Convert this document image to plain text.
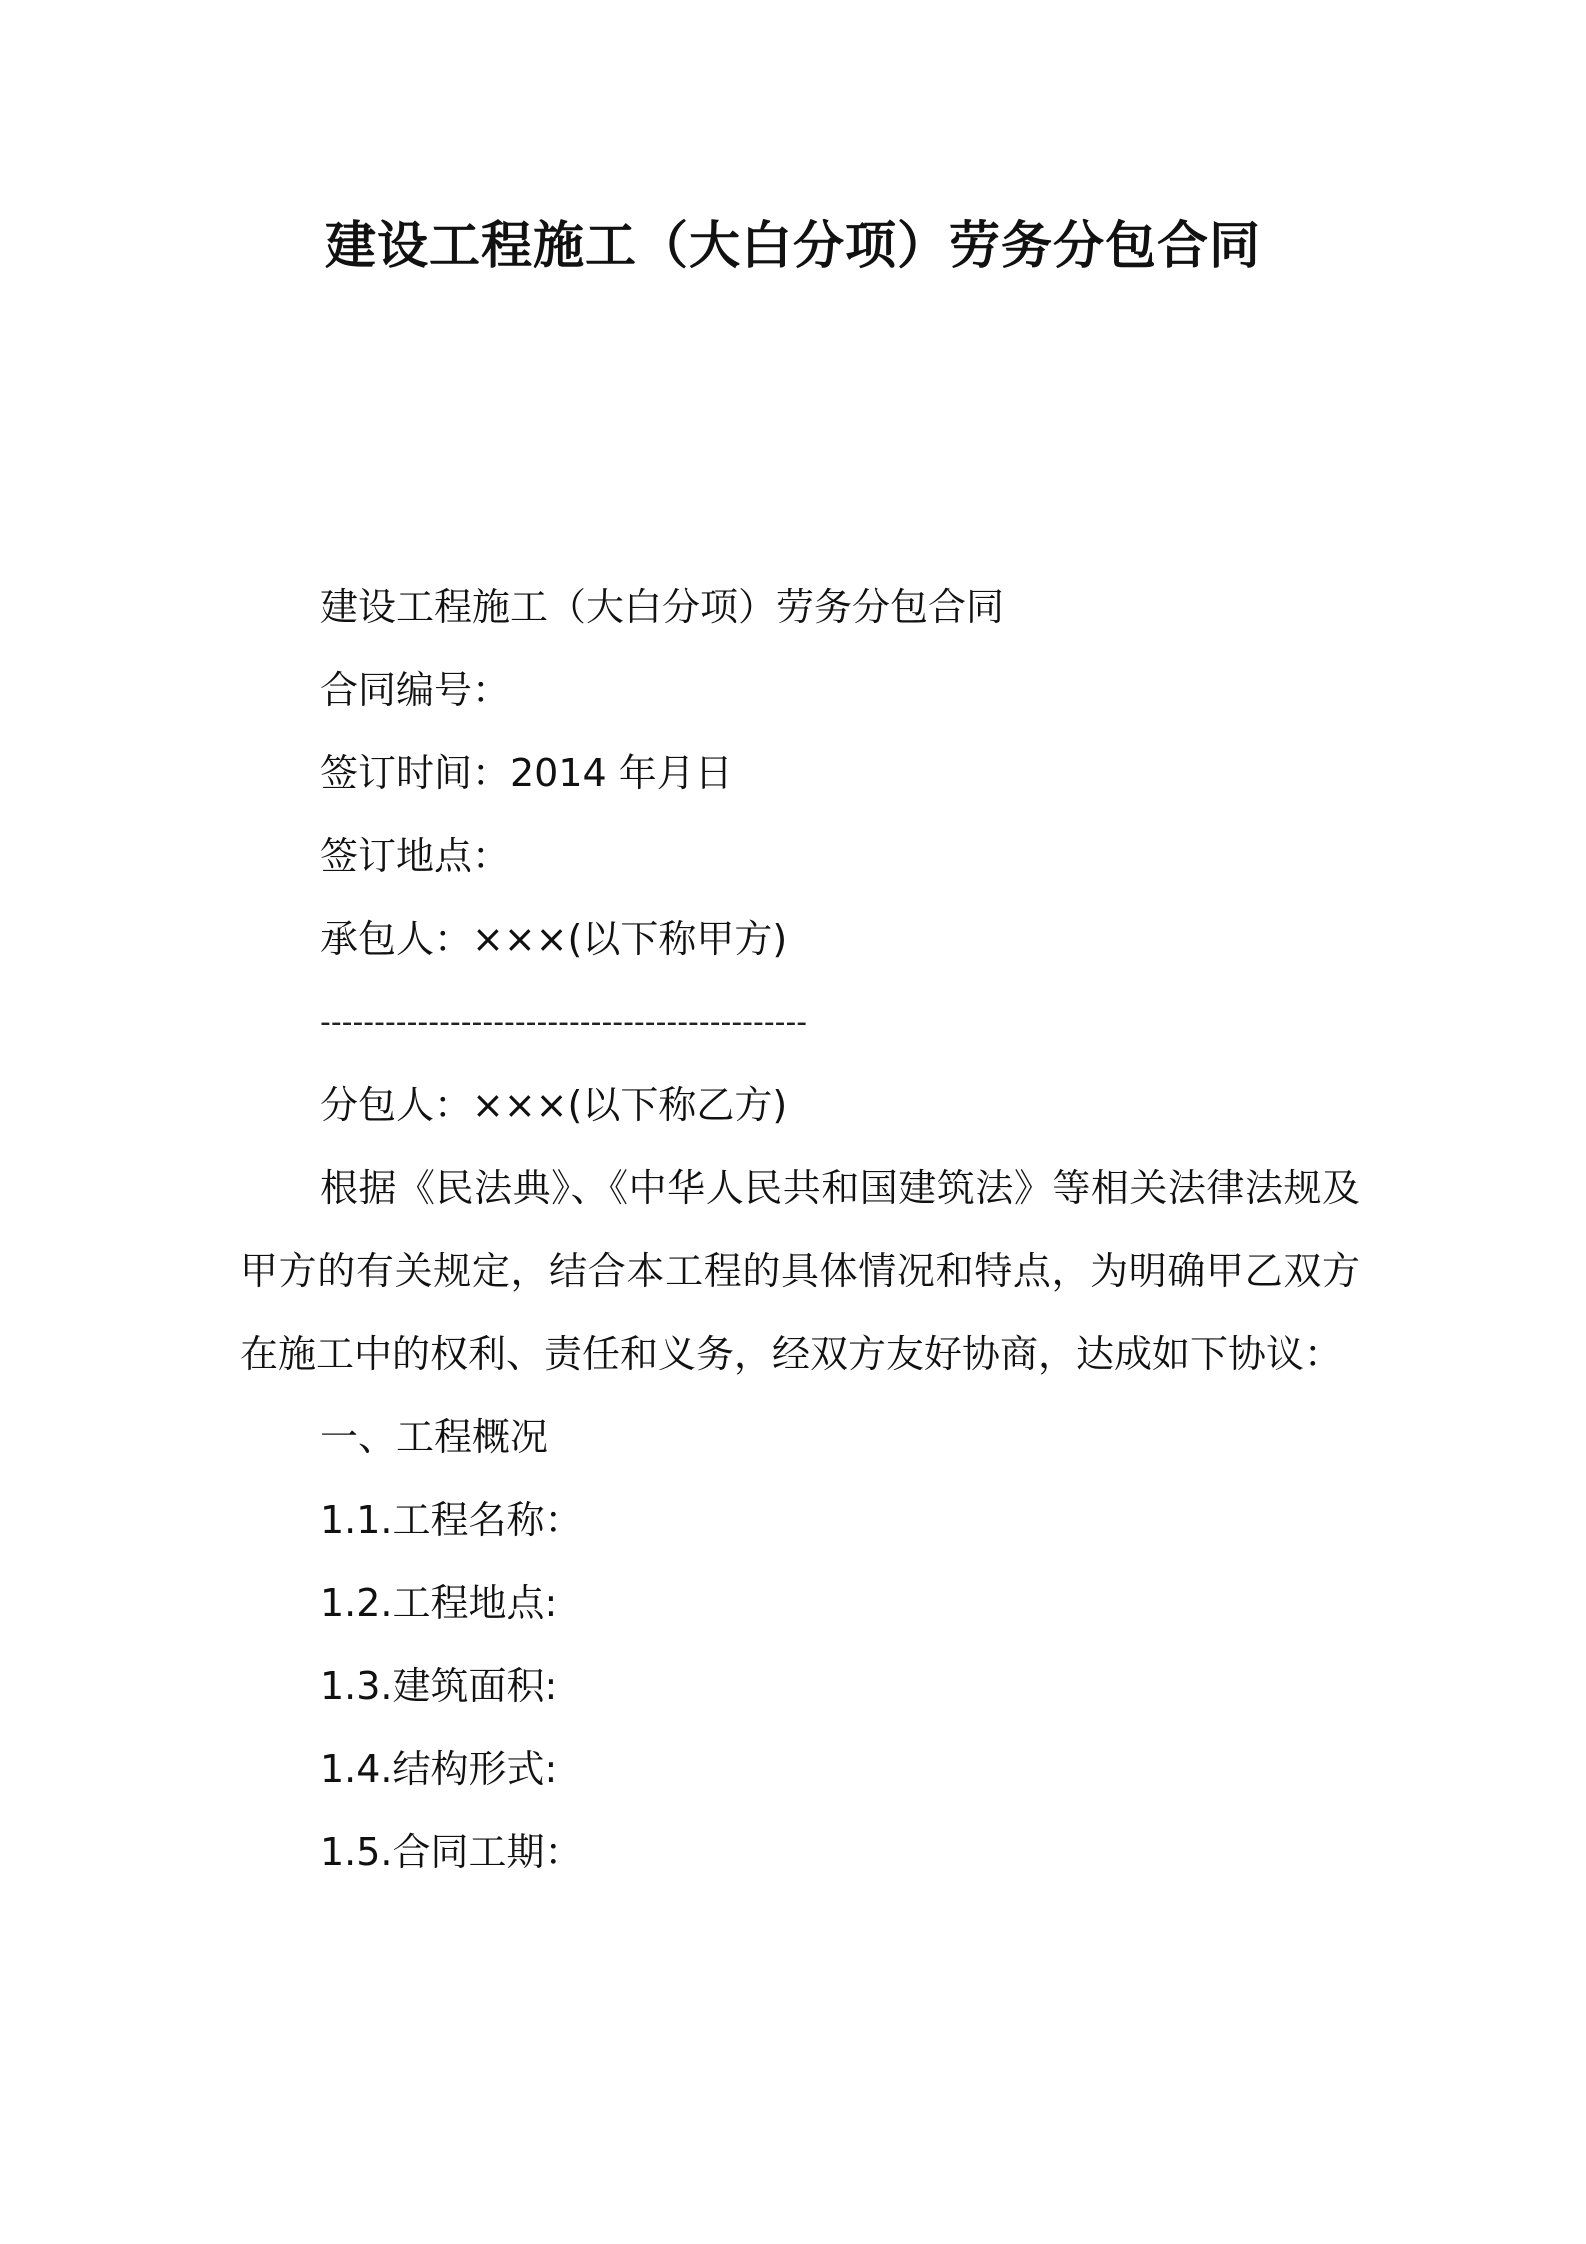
建设工程施工（大白分项）劳务分包合同
建设工程施工（大白分项）劳务分包合同
合同编号：
签订时间：2014 年月日
签订地点：
承包人：×××(以下称甲方)
---------------------------------------------
分包人：×××(以下称乙方)

根据《民法典》、《中华人民共和国建筑法》等相关法律法规及甲方的有关规定，结合本工程的具体情况和特点，为明确甲乙双方在施工中的权利、责任和义务，经双方友好协商，达成如下协议：

一、工程概况
1.1.工程名称：
1.2.工程地点:
1.3.建筑面积:
1.4.结构形式:
1.5.合同工期：
